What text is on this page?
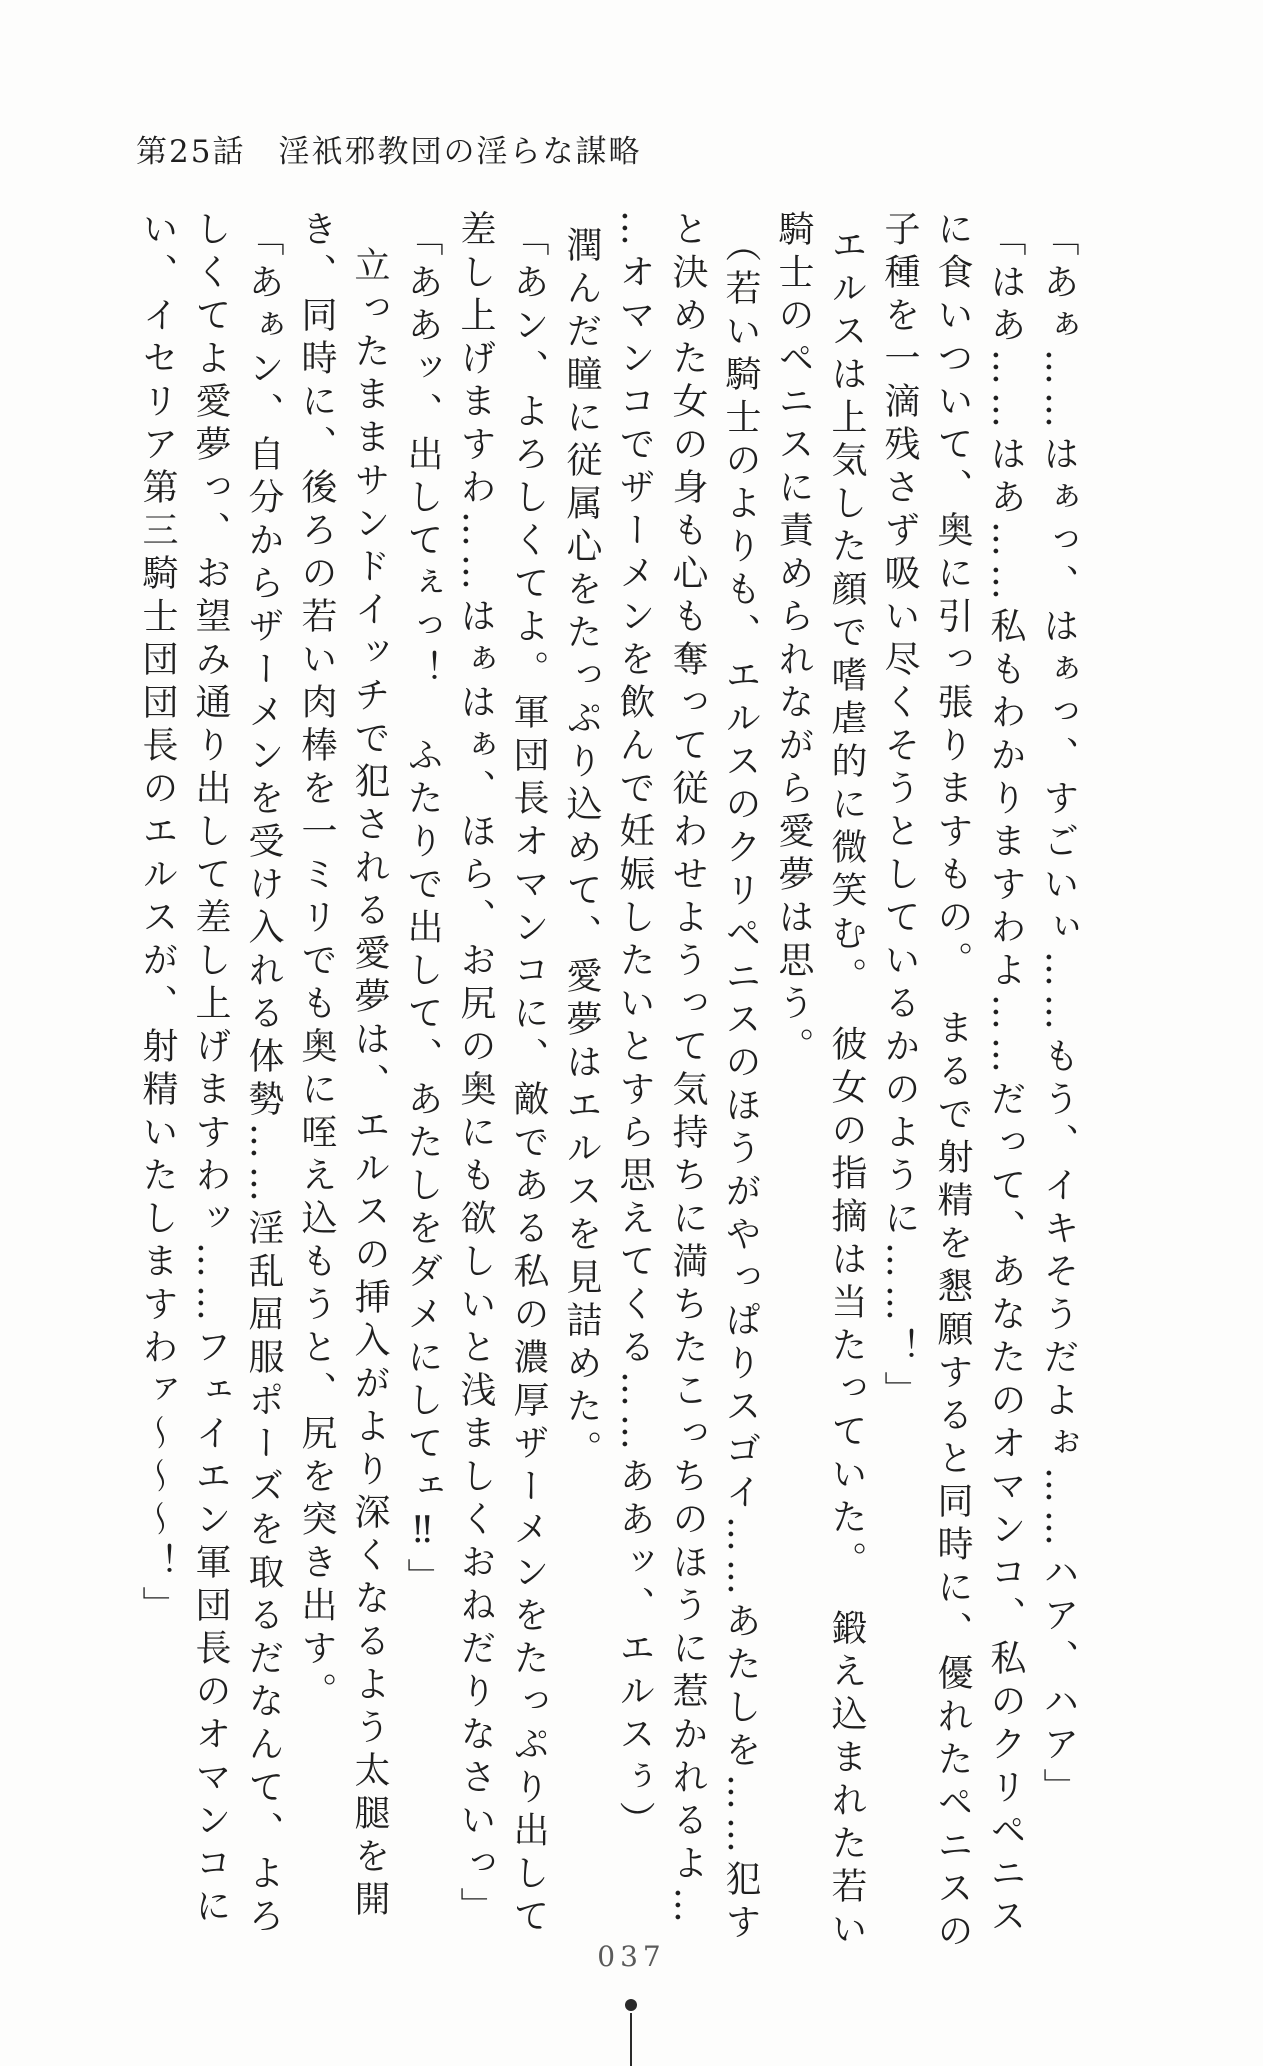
第25話　淫祇邪教団の淫らな謀略

「あぁ……はぁっ、はぁっ、すごいぃ……もう、イキそうだよぉ……ハア、ハア」

「はあ……はあ……私もわかりますわよ……だって、あなたのオマンコ、私のクリペニス

に食いついて、奥に引っ張りますもの。　まるで射精を懇願すると同時に、優れたペニスの

子種を一滴残さず吸い尽くそうとしているかのように……！」

エルスは上気した顔で嗜虐的に微笑む。　彼女の指摘は当たっていた。　鍛え込まれた若い

騎士のペニスに責められながら愛夢は思う。

（若い騎士のよりも、エルスのクリペニスのほうがやっぱりスゴイ……あたしを……犯す

と決めた女の身も心も奪って従わせようって気持ちに満ちたこっちのほうに惹かれるよ…

…オマンコでザーメンを飲んで妊娠したいとすら思えてくる……ああッ、エルスぅ）

潤んだ瞳に従属心をたっぷり込めて、愛夢はエルスを見詰めた。

「あン、よろしくてよ。軍団長オマンコに、敵である私の濃厚ザーメンをたっぷり出して

差し上げますわ……はぁはぁ、ほら、お尻の奥にも欲しいと浅ましくおねだりなさいっ」

「ああッ、出してぇっ！　ふたりで出して、あたしをダメにしてェ‼」

立ったままサンドイッチで犯される愛夢は、エルスの挿入がより深くなるよう太腿を開

き、同時に、後ろの若い肉棒を一ミリでも奥に咥え込もうと、尻を突き出す。

「あぁン、自分からザーメンを受け入れる体勢……淫乱屈服ポーズを取るだなんて、よろ

しくてよ愛夢っ、お望み通り出して差し上げますわッ……フェイエン軍団長のオマンコに

い、イセリア第三騎士団団長のエルスが、射精いたしますわァ～～～！」

037
